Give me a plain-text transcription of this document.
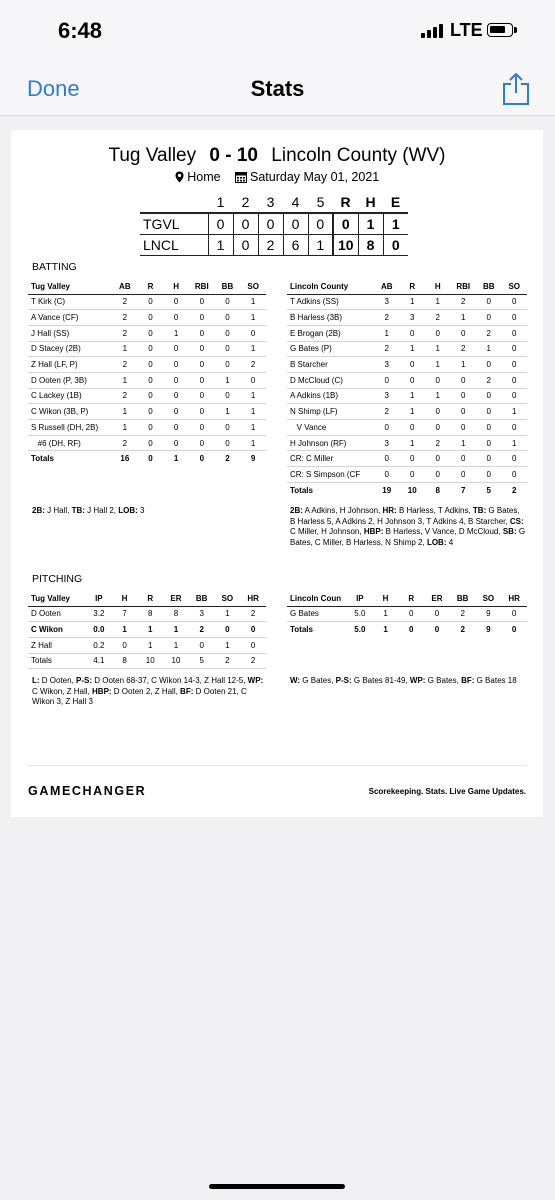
6:48	LTE
Stats
Done
Tug Valley 0 - 10 Lincoln County (WV)
Home Saturday May 01, 2021
	1	2	3	4	5	R	H	E
TGVL	0	0	0	0	0	0	1	1
LNCL	1	0	2	6	1	10	8	0
BATTING
Tug Valley	AB	R	H	RBI	BB	SO
T Kirk (C)	2	0	0	0	0	1
A Vance (CF)	2	0	0	0	0	1
J Hall (SS)	2	0	1	0	0	0
D Stacey (2B)	1	0	0	0	0	1
Z Hall (LF, P)	2	0	0	0	0	2
D Ooten (P, 3B)	1	0	0	0	1	0
C Lackey (1B)	2	0	0	0	0	1
C Wikon (3B, P)	1	0	0	0	1	1
S Russell (DH, 2B)	1	0	0	0	0	1
#6 (DH, RF)	2	0	0	0	0	1
Totals	16	0	1	0	2	9
Lincoln County	AB	R	H	RBI	BB	SO
T Adkins (SS)	3	1	1	2	0	0
B Harless (3B)	2	3	2	1	0	0
E Brogan (2B)	1	0	0	0	2	0
G Bates (P)	2	1	1	2	1	0
B Starcher	3	0	1	1	0	0
D McCloud (C)	0	0	0	0	2	0
A Adkins (1B)	3	1	1	0	0	0
N Shimp (LF)	2	1	0	0	0	1
V Vance	0	0	0	0	0	0
H Johnson (RF)	3	1	2	1	0	1
CR: C Miller	0	0	0	0	0	0
CR: S Simpson (CF	0	0	0	0	0	0
Totals	19	10	8	7	5	2
2B: J Hall, TB: J Hall 2, LOB: 3	2B: A Adkins, H Johnson, HR: B Harless, T Adkins, TB: G Bates, B Harless 5, A Adkins 2, H Johnson 3, T Adkins 4, B Starcher, CS: C Miller, H Johnson, HBP: B Harless, V Vance, D McCloud, SB: G Bates, C Miller, B Harless, N Shimp 2, LOB: 4
PITCHING
Tug Valley	IP	H	R	ER	BB	SO	HR
D Ooten	3.2	7	8	8	3	1	2
C Wikon	0.0	1	1	1	2	0	0
Z Hall	0.2	0	1	1	0	1	0
Totals	4.1	8	10	10	5	2	2
Lincoln Coun	IP	H	R	ER	BB	SO	HR
G Bates	5.0	1	0	0	2	9	0
Totals	5.0	1	0	0	2	9	0
L: D Ooten, P-S: D Ooten 68-37, C Wikon 14-3, Z Hall 12-5, WP: C Wikon, Z Hall, HBP: D Ooten 2, Z Hall, BF: D Ooten 21, C Wikon 3, Z Hall 3
W: G Bates, P-S: G Bates 81-49, WP: G Bates, BF: G Bates 18
GAMECHANGER	Scorekeeping. Stats. Live Game Updates.
